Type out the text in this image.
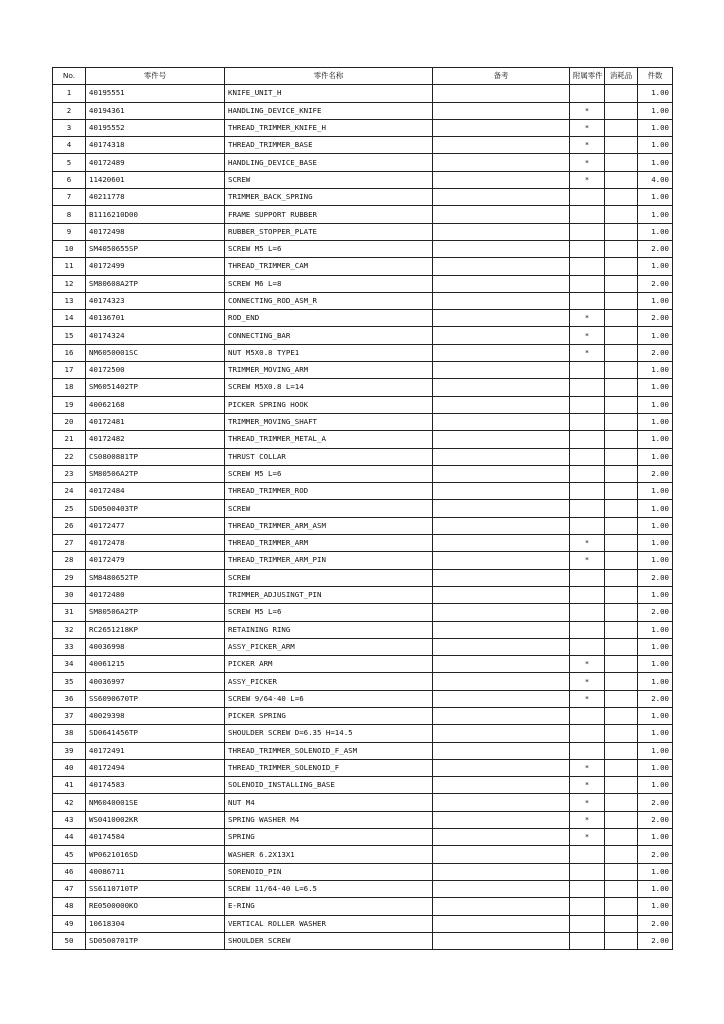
No.	零件号	零件名称	备考	附属零件	消耗品	件数
1	40195551	KNIFE_UNIT_H				1.00
2	40194361	HANDLING_DEVICE_KNIFE		*		1.00
3	40195552	THREAD_TRIMMER_KNIFE_H		*		1.00
4	40174318	THREAD_TRIMMER_BASE		*		1.00
5	40172489	HANDLING_DEVICE_BASE		*		1.00
6	11420601	SCREW		*		4.00
7	40211778	TRIMMER_BACK_SPRING				1.00
8	B1116210D00	FRAME SUPPORT RUBBER				1.00
9	40172498	RUBBER_STOPPER_PLATE				1.00
10	SM4050655SP	SCREW M5 L=6				2.00
11	40172499	THREAD_TRIMMER_CAM				1.00
12	SM80608A2TP	SCREW M6 L=8				2.00
13	40174323	CONNECTING_ROD_ASM_R				1.00
14	40136701	ROD_END		*		2.00
15	40174324	CONNECTING_BAR		*		1.00
16	NM6050001SC	NUT M5X0.8 TYPE1		*		2.00
17	40172500	TRIMMER_MOVING_ARM				1.00
18	SM6051402TP	SCREW M5X0.8 L=14				1.00
19	40062168	PICKER SPRING HOOK				1.00
20	40172481	TRIMMER_MOVING_SHAFT				1.00
21	40172482	THREAD_TRIMMER_METAL_A				1.00
22	CS0800881TP	THRUST COLLAR				1.00
23	SM80506A2TP	SCREW M5 L=6				2.00
24	40172484	THREAD_TRIMMER_ROD				1.00
25	SD0500403TP	SCREW				1.00
26	40172477	THREAD_TRIMMER_ARM_ASM				1.00
27	40172478	THREAD_TRIMMER_ARM		*		1.00
28	40172479	THREAD_TRIMMER_ARM_PIN		*		1.00
29	SM8480652TP	SCREW				2.00
30	40172480	TRIMMER_ADJUSINGT_PIN				1.00
31	SM80506A2TP	SCREW M5 L=6				2.00
32	RC2651218KP	RETAINING RING				1.00
33	40036998	ASSY_PICKER_ARM				1.00
34	40061215	PICKER ARM		*		1.00
35	40036997	ASSY_PICKER		*		1.00
36	SS6090670TP	SCREW 9/64-40 L=6		*		2.00
37	40029398	PICKER SPRING				1.00
38	SD0641456TP	SHOULDER SCREW D=6.35 H=14.5				1.00
39	40172491	THREAD_TRIMMER_SOLENOID_F_ASM				1.00
40	40172494	THREAD_TRIMMER_SOLENOID_F		*		1.00
41	40174583	SOLENOID_INSTALLING_BASE		*		1.00
42	NM6040001SE	NUT M4		*		2.00
43	WS0410002KR	SPRING WASHER M4		*		2.00
44	40174584	SPRING		*		1.00
45	WP0621016SD	WASHER 6.2X13X1				2.00
46	40086711	SORENOID_PIN				1.00
47	SS6110710TP	SCREW 11/64-40 L=6.5				1.00
48	RE0500000KO	E-RING				1.00
49	10618304	VERTICAL ROLLER WASHER				2.00
50	SD0500701TP	SHOULDER SCREW				2.00
